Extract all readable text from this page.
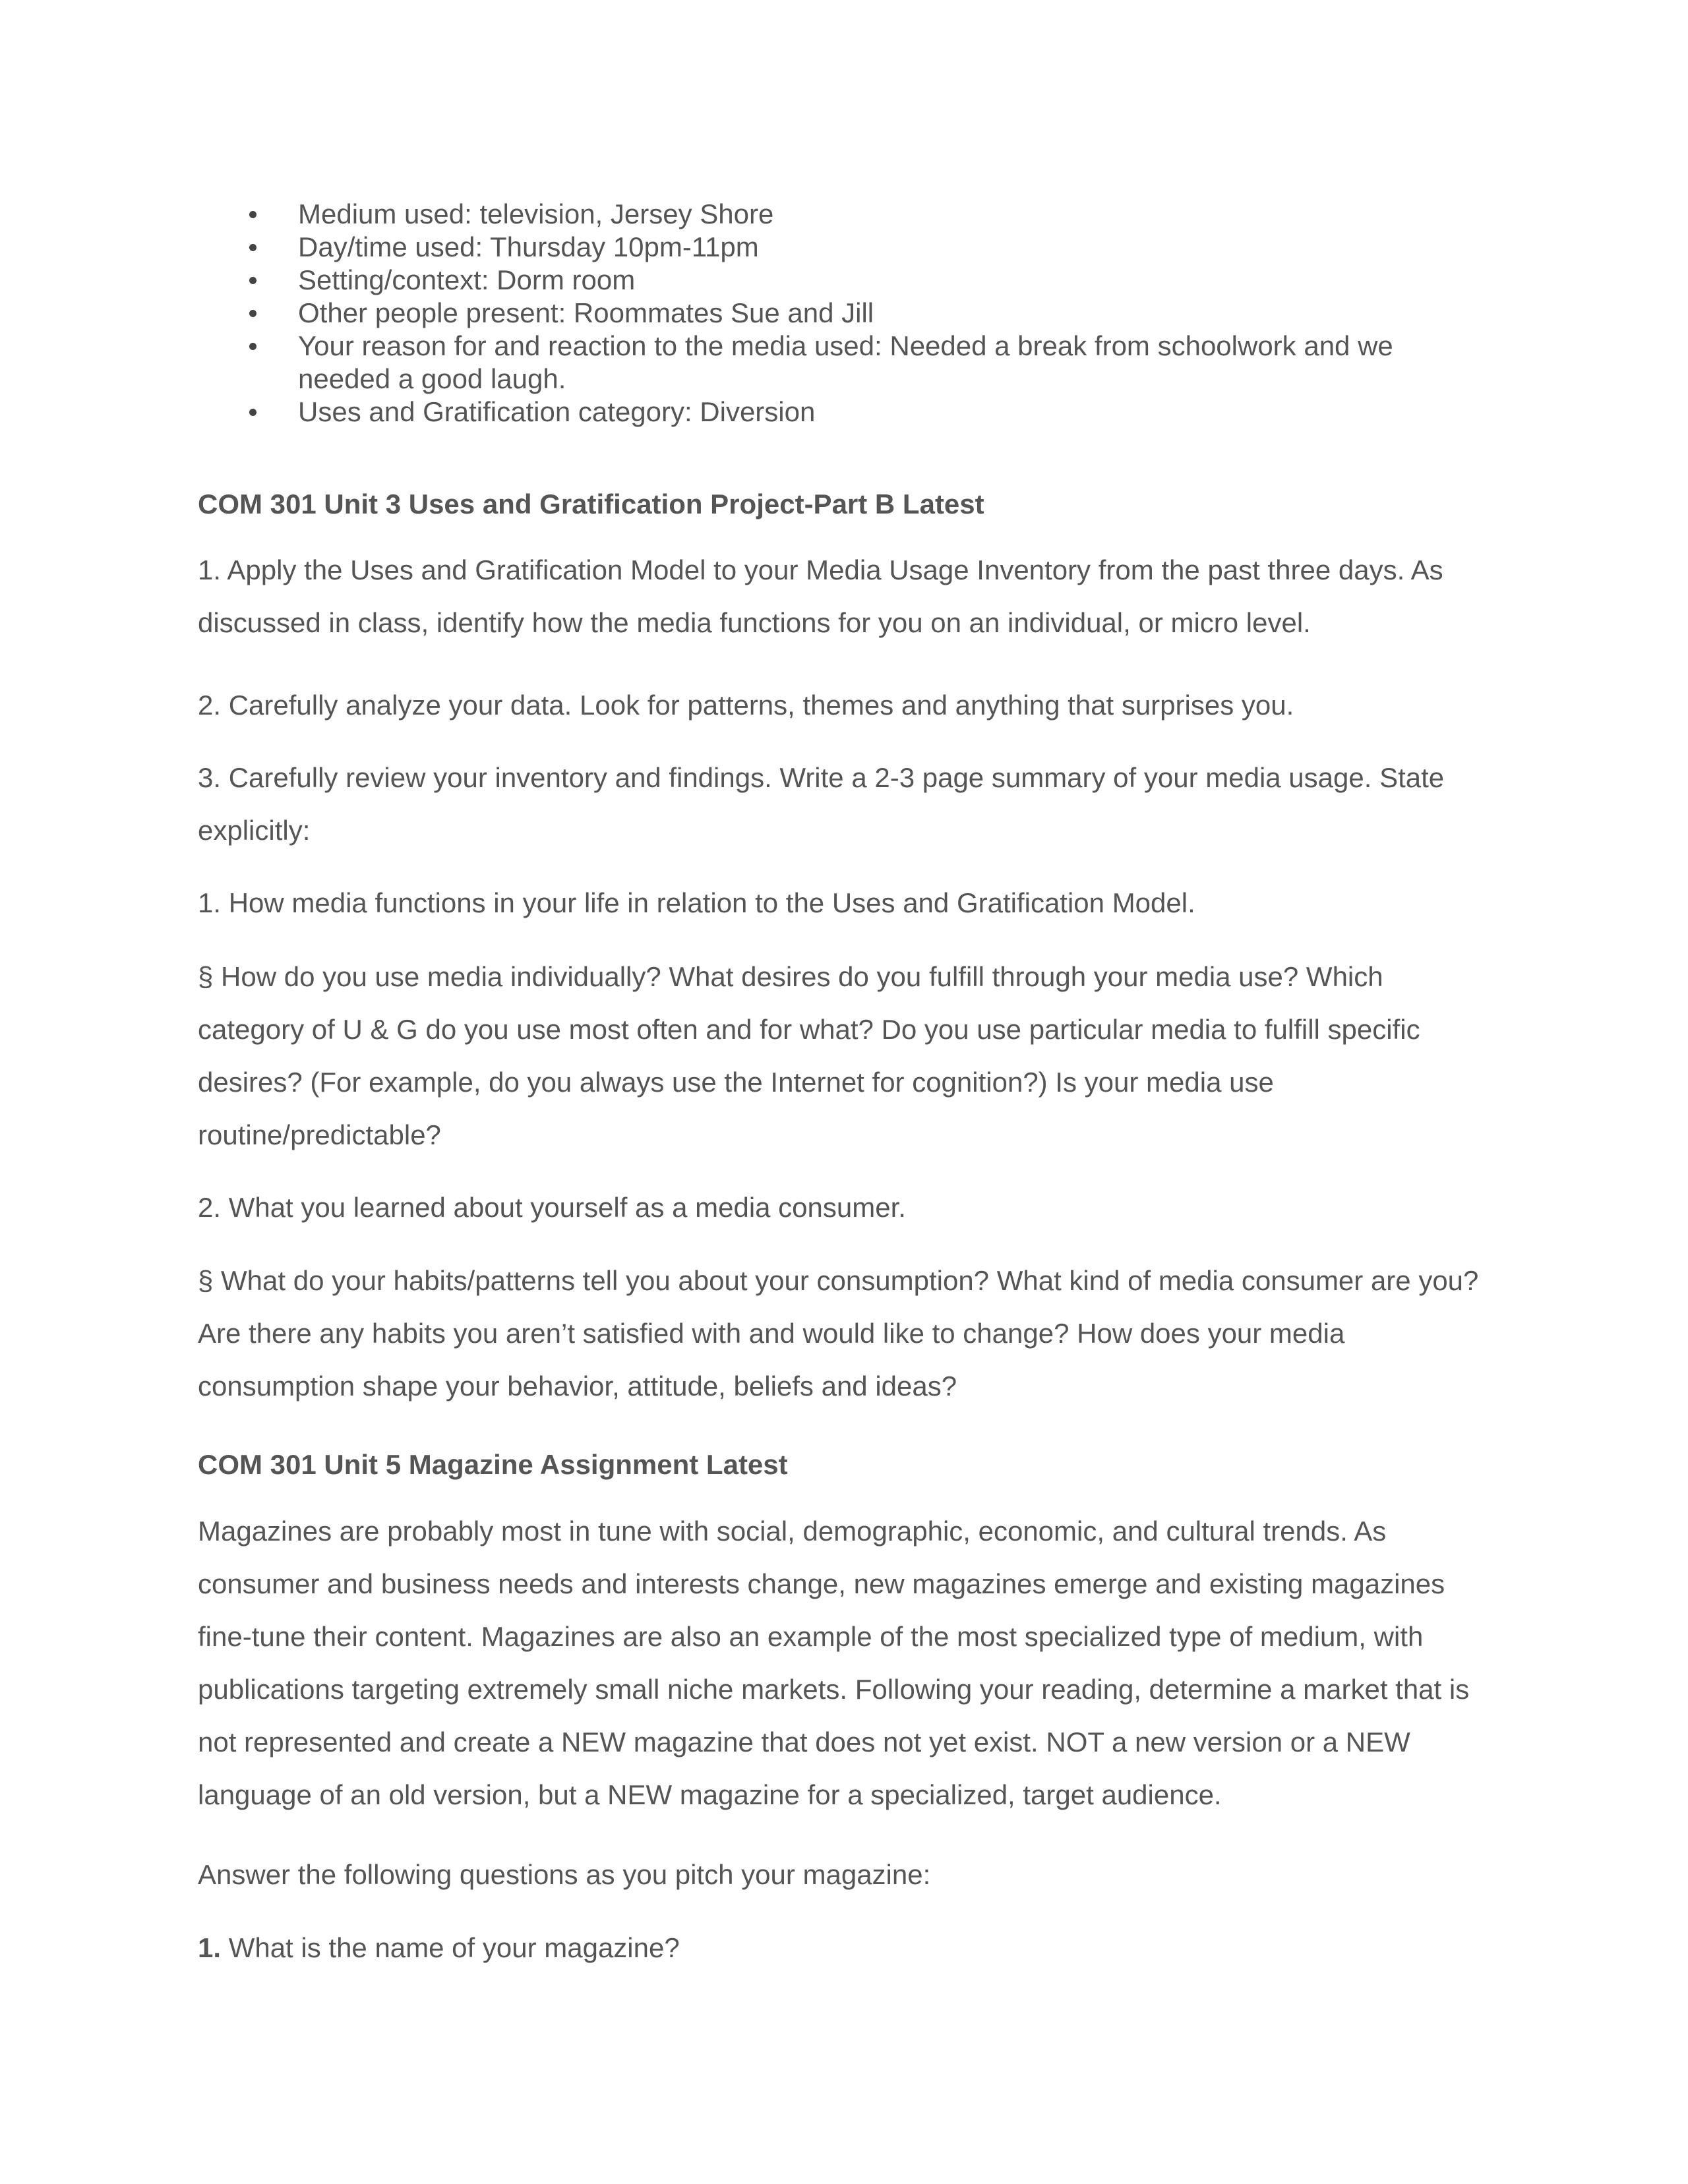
Medium used: television, Jersey Shore
Day/time used: Thursday 10pm-11pm
Setting/context: Dorm room
Other people present: Roommates Sue and Jill
Your reason for and reaction to the media used: Needed a break from schoolwork and we needed a good laugh.
Uses and Gratification category: Diversion
COM 301 Unit 3 Uses and Gratification Project-Part B Latest

1. Apply the Uses and Gratification Model to your Media Usage Inventory from the past three days. As discussed in class, identify how the media functions for you on an individual, or micro level.

2. Carefully analyze your data. Look for patterns, themes and anything that surprises you.

3. Carefully review your inventory and findings. Write a 2-3 page summary of your media usage. State explicitly:

1. How media functions in your life in relation to the Uses and Gratification Model.

§ How do you use media individually? What desires do you fulfill through your media use? Which category of U & G do you use most often and for what? Do you use particular media to fulfill specific desires? (For example, do you always use the Internet for cognition?) Is your media use routine/predictable?

2. What you learned about yourself as a media consumer.

§ What do your habits/patterns tell you about your consumption? What kind of media consumer are you? Are there any habits you aren’t satisfied with and would like to change? How does your media consumption shape your behavior, attitude, beliefs and ideas?

COM 301 Unit 5 Magazine Assignment Latest

Magazines are probably most in tune with social, demographic, economic, and cultural trends. As consumer and business needs and interests change, new magazines emerge and existing magazines fine-tune their content. Magazines are also an example of the most specialized type of medium, with publications targeting extremely small niche markets. Following your reading, determine a market that is not represented and create a NEW magazine that does not yet exist. NOT a new version or a NEW language of an old version, but a NEW magazine for a specialized, target audience.

Answer the following questions as you pitch your magazine:

1. What is the name of your magazine?
